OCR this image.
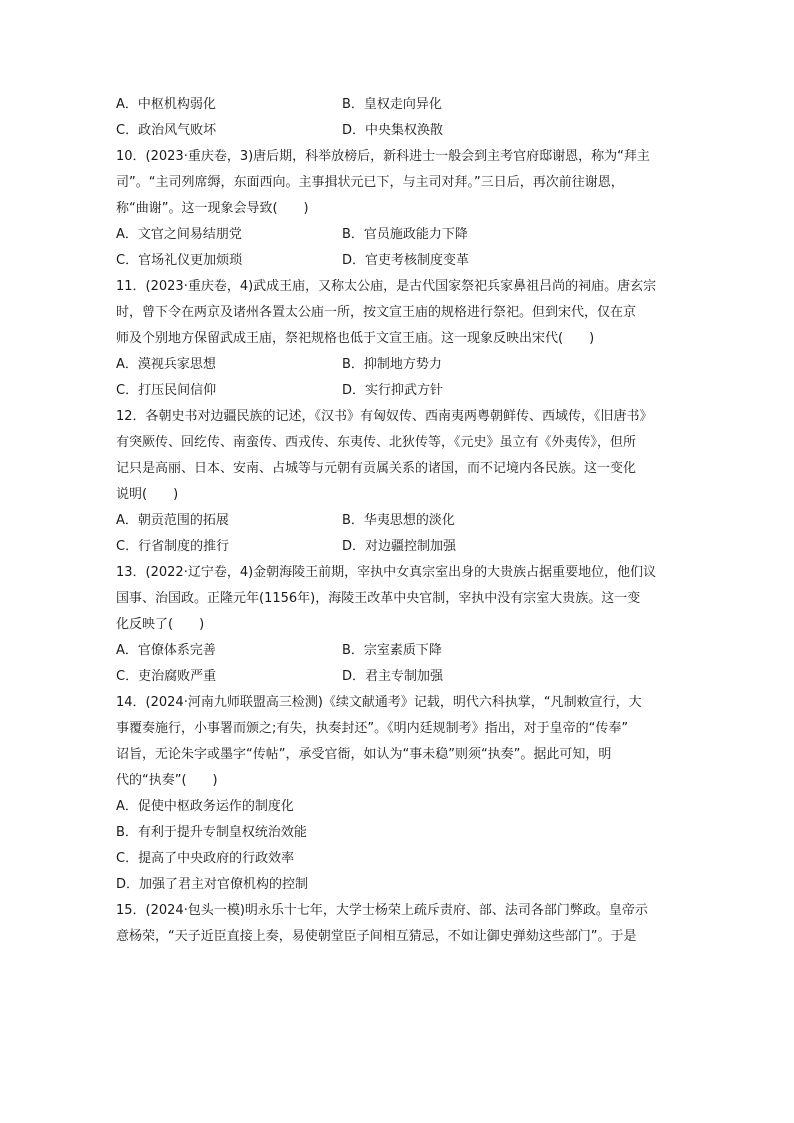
A．中枢机构弱化	B．皇权走向异化
C．政治风气败坏	D．中央集权涣散
10．(2023·重庆卷，3)唐后期，科举放榜后，新科进士一般会到主考官府邸谢恩，称为“拜主
司”。“主司列席缛，东面西向。主事揖状元已下，与主司对拜。”三日后，再次前往谢恩，
称“曲谢”。这一现象会导致(　　)
A．文官之间易结朋党	B．官员施政能力下降
C．官场礼仪更加烦琐	D．官吏考核制度变革
11．(2023·重庆卷，4)武成王庙，又称太公庙，是古代国家祭祀兵家鼻祖吕尚的祠庙。唐玄宗
时，曾下令在两京及诸州各置太公庙一所，按文宣王庙的规格进行祭祀。但到宋代，仅在京
师及个别地方保留武成王庙，祭祀规格也低于文宣王庙。这一现象反映出宋代(　　)
A．漠视兵家思想	B．抑制地方势力
C．打压民间信仰	D．实行抑武方针
12．各朝史书对边疆民族的记述，《汉书》有匈奴传、西南夷两粤朝鲜传、西域传，《旧唐书》
有突厥传、回纥传、南蛮传、西戎传、东夷传、北狄传等，《元史》虽立有《外夷传》，但所
记只是高丽、日本、安南、占城等与元朝有贡属关系的诸国，而不记境内各民族。这一变化
说明(　　)
A．朝贡范围的拓展	B．华夷思想的淡化
C．行省制度的推行	D．对边疆控制加强
13．(2022·辽宁卷，4)金朝海陵王前期，宰执中女真宗室出身的大贵族占据重要地位，他们议
国事、治国政。正隆元年(1156年)，海陵王改革中央官制，宰执中没有宗室大贵族。这一变
化反映了(　　)
A．官僚体系完善	B．宗室素质下降
C．吏治腐败严重	D．君主专制加强
14．(2024·河南九师联盟高三检测)《续文献通考》记载，明代六科执掌，“凡制敕宣行，大
事覆奏施行，小事署而颁之;有失，执奏封还”。《明内廷规制考》指出，对于皇帝的“传奉”
诏旨，无论朱字或墨字“传帖”，承受官衙，如认为“事未稳”则须“执奏”。据此可知，明
代的“执奏”(　　)
A．促使中枢政务运作的制度化
B．有利于提升专制皇权统治效能
C．提高了中央政府的行政效率
D．加强了君主对官僚机构的控制
15．(2024·包头一模)明永乐十七年，大学士杨荣上疏斥责府、部、法司各部门弊政。皇帝示
意杨荣，“天子近臣直接上奏，易使朝堂臣子间相互猜忌，不如让御史弹劾这些部门”。于是
